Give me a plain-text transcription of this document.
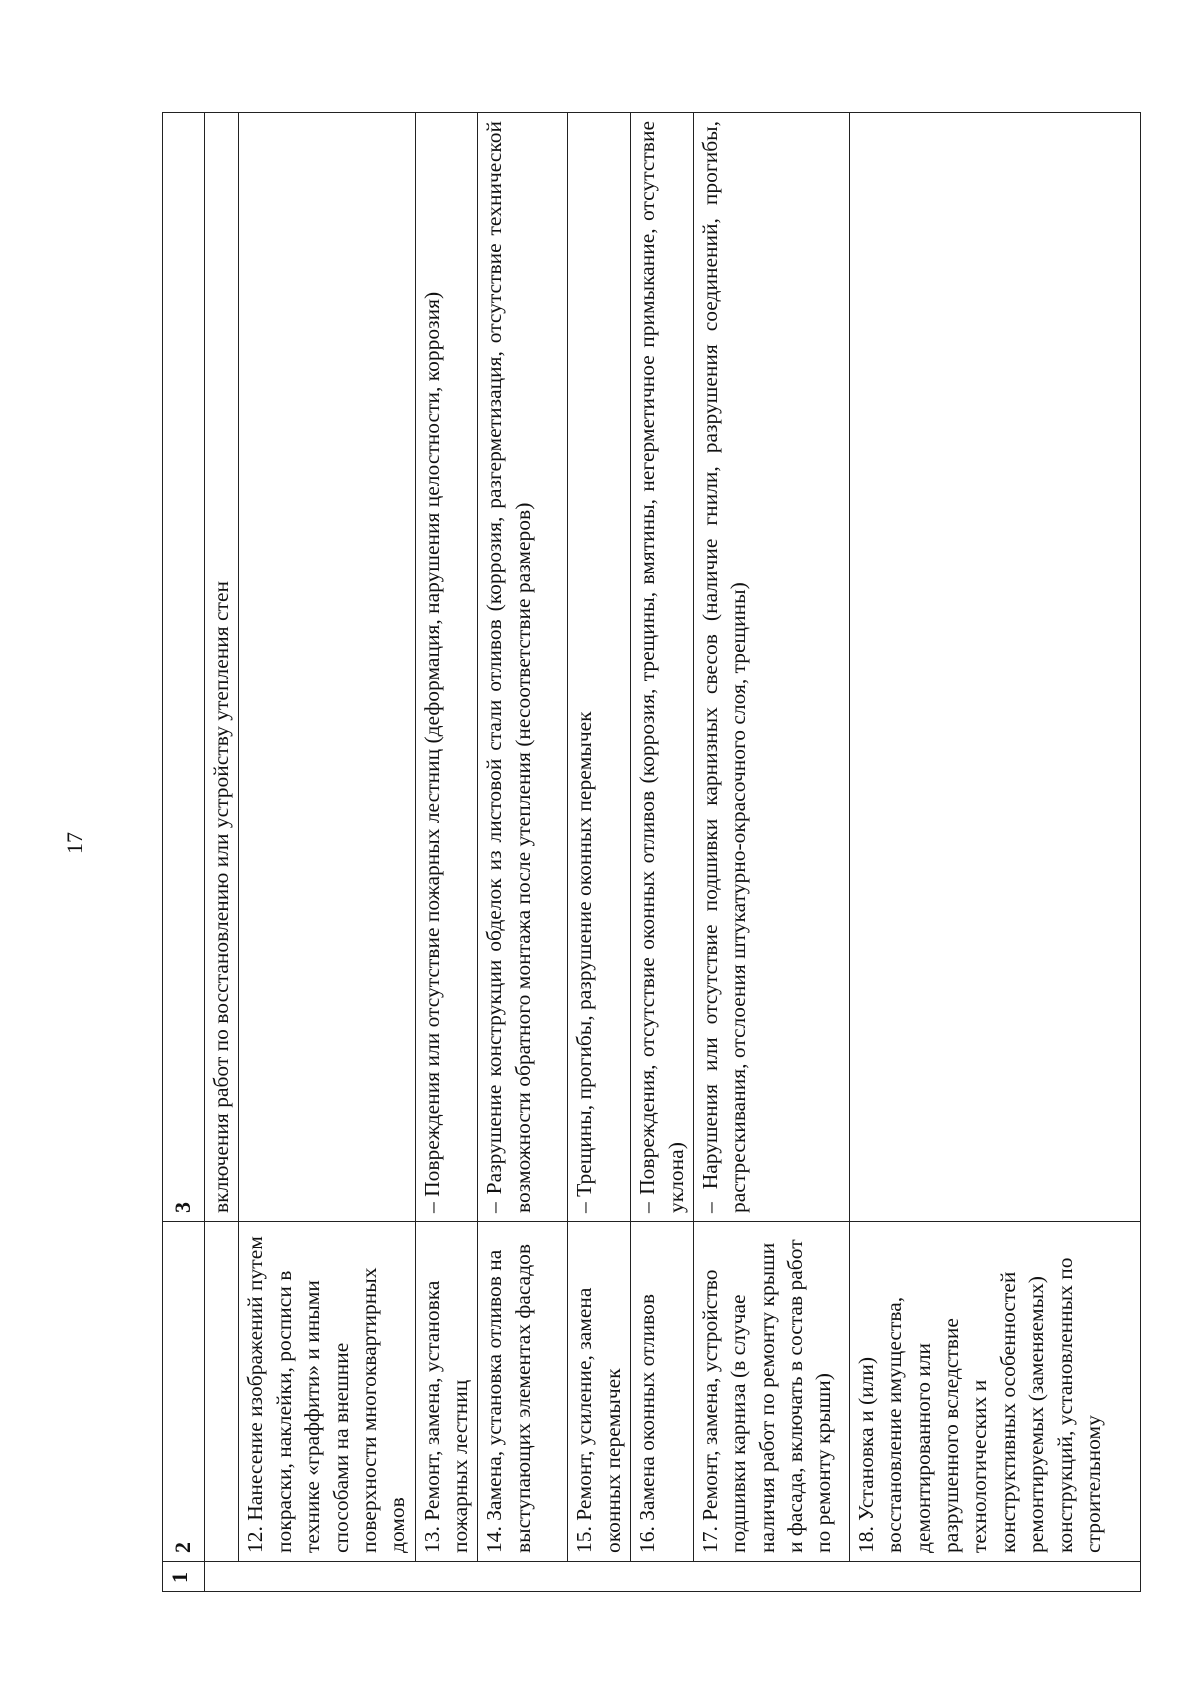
17
1	2	3
		включения работ по восстановлению или устройству утепления стен
	12. Нанесение изображений путем покраски, наклейки, росписи в технике «граффити» и иными способами на внешние поверхности многоквартирных домов	
	13. Ремонт, замена, установка пожарных лестниц	– Повреждения или отсутствие пожарных лестниц (деформация, нарушения целостности, коррозия)
	14. Замена, установка отливов на выступающих элементах фасадов	– Разрушение конструкции обделок из листовой стали отливов (коррозия, разгерметизация, отсутствие технической возможности обратного монтажа после утепления (несоответствие размеров)
	15. Ремонт, усиление, замена оконных перемычек	– Трещины, прогибы, разрушение оконных перемычек
	16. Замена оконных отливов	– Повреждения, отсутствие оконных отливов (коррозия, трещины, вмятины, негерметичное примыкание, отсутствие уклона)
	17. Ремонт, замена, устройство подшивки карниза (в случае наличия работ по ремонту крыши и фасада, включать в состав работ по ремонту крыши)	– Нарушения или отсутствие подшивки карнизных свесов (наличие гнили, разрушения соединений, прогибы, растрескивания, отслоения штукатурно-окрасочного слоя, трещины)
	18. Установка и (или) восстановление имущества, демонтированного или разрушенного вследствие технологических и конструктивных особенностей ремонтируемых (заменяемых) конструкций, установленных по строительному	
